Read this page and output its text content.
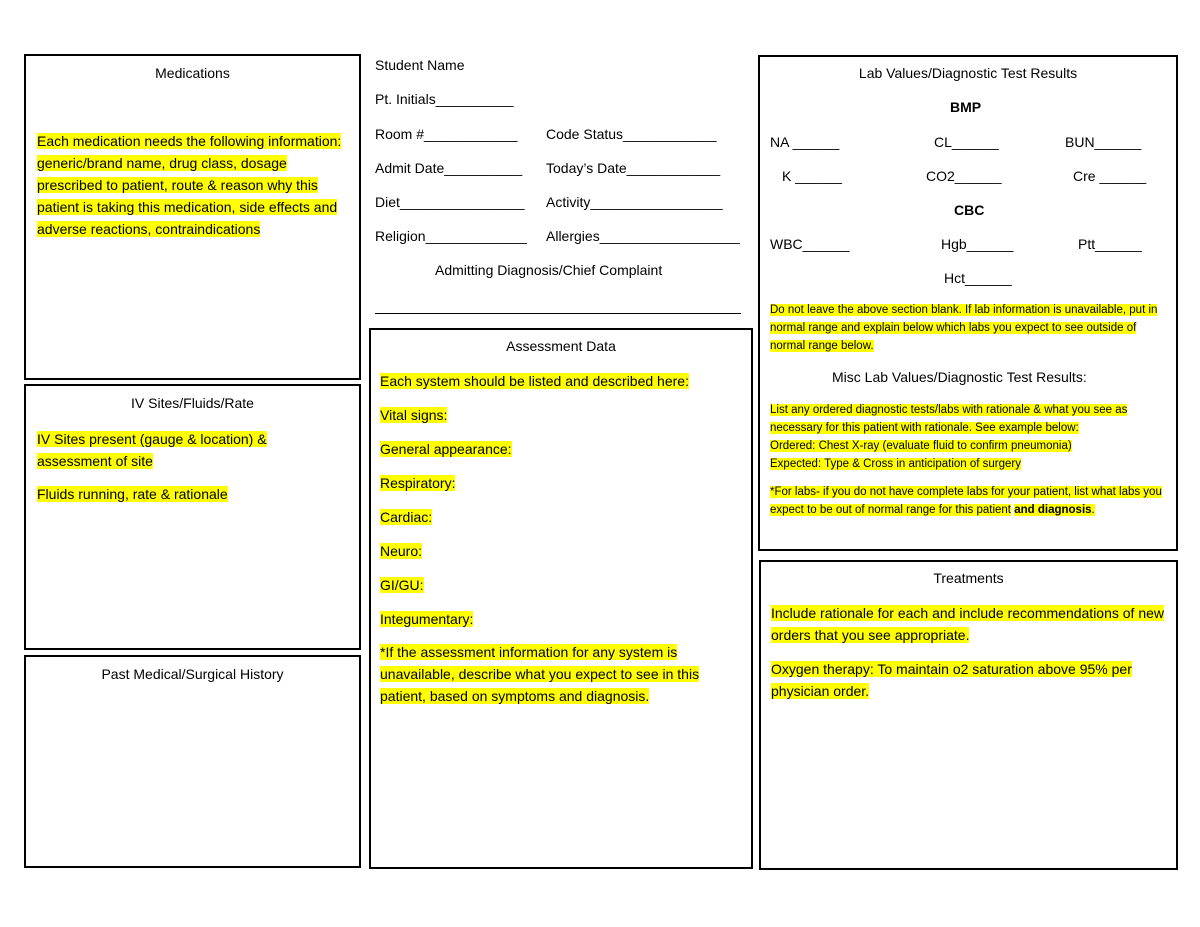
Medications
Each medication needs the following information: generic/brand name, drug class, dosage prescribed to patient, route & reason why this patient is taking this medication, side effects and adverse reactions, contraindications
IV Sites/Fluids/Rate
IV Sites present (gauge & location) & assessment of site
Fluids running, rate & rationale
Past Medical/Surgical History
Student Name
Pt. Initials__________
Room #____________ Code Status____________
Admit Date__________ Today’s Date____________
Diet________________ Activity_________________
Religion_____________ Allergies__________________
Admitting Diagnosis/Chief Complaint
Assessment Data
Each system should be listed and described here:
Vital signs:
General appearance:
Respiratory:
Cardiac:
Neuro:
GI/GU:
Integumentary:
*If the assessment information for any system is unavailable, describe what you expect to see in this patient, based on symptoms and diagnosis.
Lab Values/Diagnostic Test Results
BMP
NA ______	CL______	BUN______
K ______	CO2______	Cre ______
CBC
WBC______	Hgb______	Ptt______
Hct______
Do not leave the above section blank. If lab information is unavailable, put in normal range and explain below which labs you expect to see outside of normal range below.
Misc Lab Values/Diagnostic Test Results:
List any ordered diagnostic tests/labs with rationale & what you see as necessary for this patient with rationale. See example below:
Ordered: Chest X-ray (evaluate fluid to confirm pneumonia)
Expected: Type & Cross in anticipation of surgery
*For labs- if you do not have complete labs for your patient, list what labs you expect to be out of normal range for this patient and diagnosis.
Treatments
Include rationale for each and include recommendations of new orders that you see appropriate.
Oxygen therapy: To maintain o2 saturation above 95% per physician order.
